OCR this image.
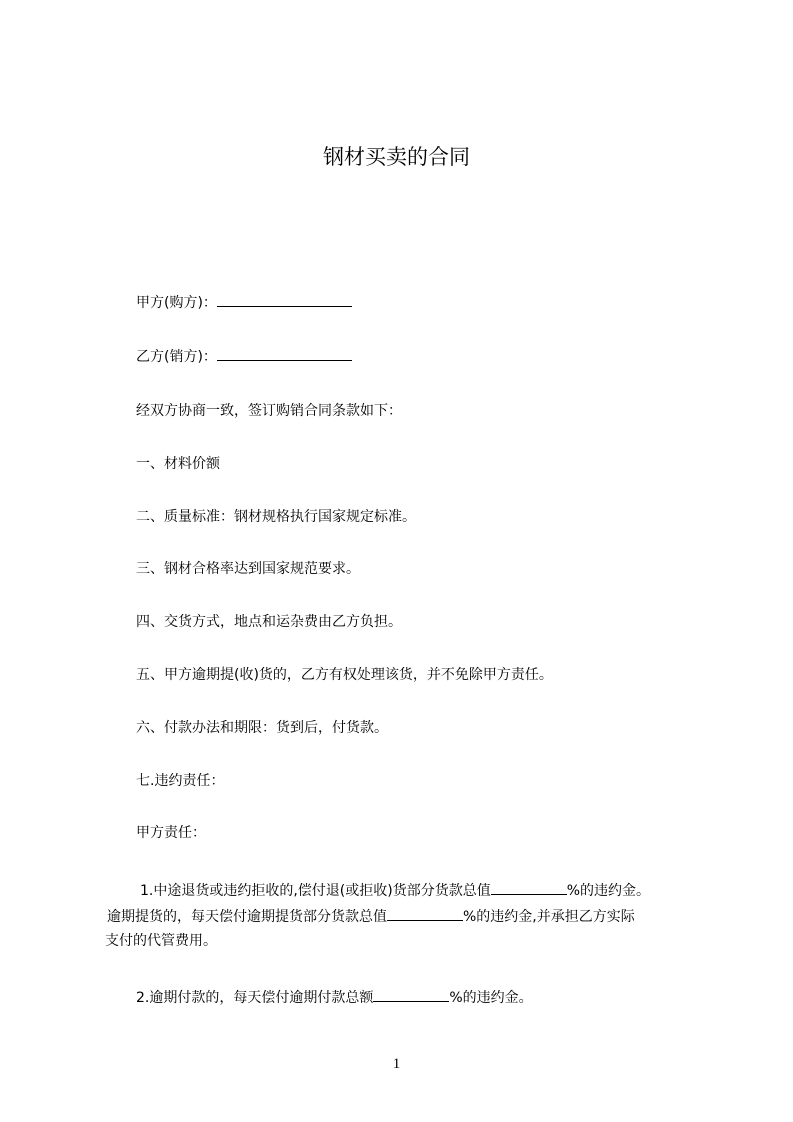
钢材买卖的合同
甲方(购方)：
乙方(销方)：
经双方协商一致，签订购销合同条款如下：
一、材料价额
二、质量标准：钢材规格执行国家规定标准。
三、钢材合格率达到国家规范要求。
四、交货方式，地点和运杂费由乙方负担。
五、甲方逾期提(收)货的，乙方有权处理该货，并不免除甲方责任。
六、付款办法和期限：货到后，付货款。
七.违约责任：
甲方责任：
1.中途退货或违约拒收的,偿付退(或拒收)货部分货款总值	%的违约金。
逾期提货的，每天偿付逾期提货部分货款总值	%的违约金,并承担乙方实际
支付的代管费用。
2.逾期付款的，每天偿付逾期付款总额	%的违约金。
1
